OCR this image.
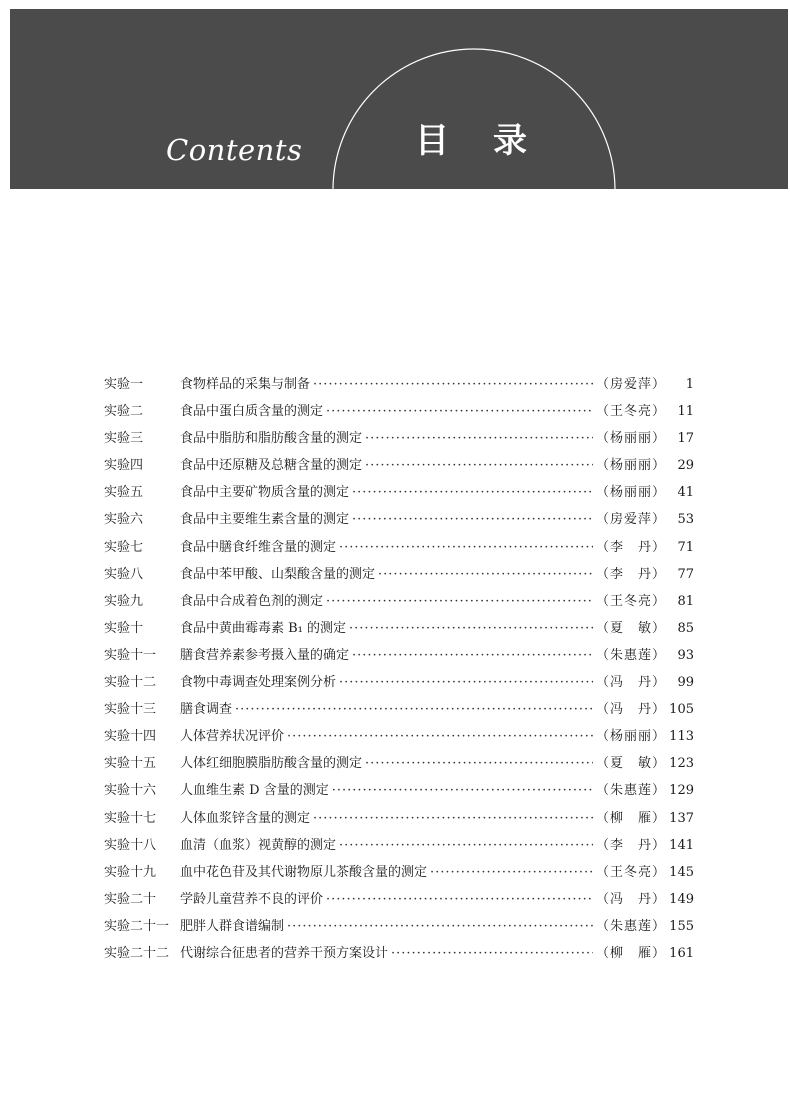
Contents	目录
实验一	食物样品的采集与制备 ·····	（房爱萍）	1
实验二	食品中蛋白质含量的测定 ·····	（王冬亮） 11
实验三	食品中脂肪和脂肪酸含量的测定 ·····	（杨丽丽） 17
实验四	食品中还原糖及总糖含量的测定 ·····	（杨丽丽） 29
实验五	食品中主要矿物质含量的测定 ·····	（杨丽丽） 41
实验六	食品中主要维生素含量的测定 ·····	（房爱萍） 53
实验七	食品中膳食纤维含量的测定 ·····	（李　丹） 71
实验八	食品中苯甲酸、山梨酸含量的测定 ·····	（李　丹） 77
实验九	食品中合成着色剂的测定 ·····	（王冬亮） 81
实验十	食品中黄曲霉毒素 B₁ 的测定 ·····	（夏　敏） 85
实验十一	膳食营养素参考摄入量的确定 ·····	（朱惠莲） 93
实验十二	食物中毒调查处理案例分析 ·····	（冯　丹） 99
实验十三	膳食调查 ·····	（冯　丹） 105
实验十四	人体营养状况评价 ·····	（杨丽丽） 113
实验十五	人体红细胞膜脂肪酸含量的测定 ·····	（夏　敏） 123
实验十六	人血维生素 D 含量的测定 ·····	（朱惠莲） 129
实验十七	人体血浆锌含量的测定 ·····	（柳　雁） 137
实验十八	血清（血浆）视黄醇的测定 ·····	（李　丹） 141
实验十九	血中花色苷及其代谢物原儿茶酸含量的测定 ·····	（王冬亮） 145
实验二十	学龄儿童营养不良的评价 ·····	（冯　丹） 149
实验二十一 肥胖人群食谱编制 ·····	（朱惠莲） 155
实验二十二 代谢综合征患者的营养干预方案设计 ·····	（柳　雁） 161
